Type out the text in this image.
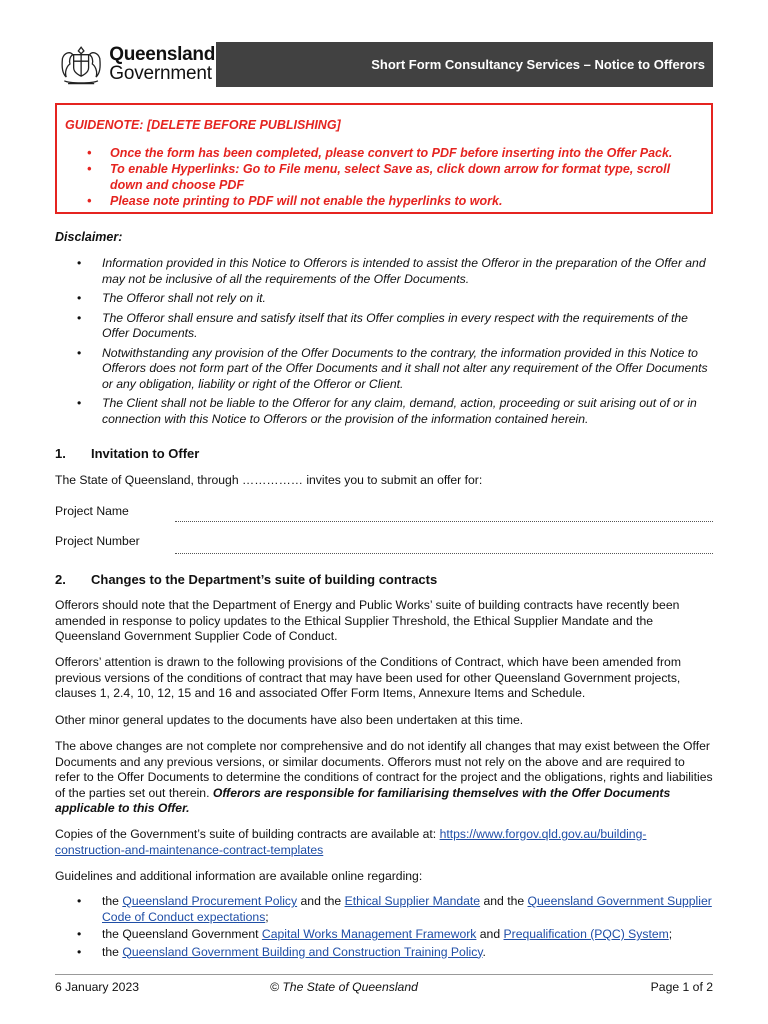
Queensland
Government	Short Form Consultancy Services – Notice to Offerors
GUIDENOTE: [DELETE BEFORE PUBLISHING]
• Once the form has been completed, please convert to PDF before inserting into the Offer Pack.
• To enable Hyperlinks: Go to File menu, select Save as, click down arrow for format type, scroll down and choose PDF
• Please note printing to PDF will not enable the hyperlinks to work.
Disclaimer:
• Information provided in this Notice to Offerors is intended to assist the Offeror in the preparation of the Offer and may not be inclusive of all the requirements of the Offer Documents.
• The Offeror shall not rely on it.
• The Offeror shall ensure and satisfy itself that its Offer complies in every respect with the requirements of the Offer Documents.
• Notwithstanding any provision of the Offer Documents to the contrary, the information provided in this Notice to Offerors does not form part of the Offer Documents and it shall not alter any requirement of the Offer Documents or any obligation, liability or right of the Offeror or Client.
• The Client shall not be liable to the Offeror for any claim, demand, action, proceeding or suit arising out of or in connection with this Notice to Offerors or the provision of the information contained herein.
1. Invitation to Offer
The State of Queensland, through …………… invites you to submit an offer for:
Project Name
Project Number
2. Changes to the Department’s suite of building contracts
Offerors should note that the Department of Energy and Public Works’ suite of building contracts have recently been amended in response to policy updates to the Ethical Supplier Threshold, the Ethical Supplier Mandate and the Queensland Government Supplier Code of Conduct.
Offerors’ attention is drawn to the following provisions of the Conditions of Contract, which have been amended from previous versions of the conditions of contract that may have been used for other Queensland Government projects, clauses 1, 2.4, 10, 12, 15 and 16 and associated Offer Form Items, Annexure Items and Schedule.
Other minor general updates to the documents have also been undertaken at this time.
The above changes are not complete nor comprehensive and do not identify all changes that may exist between the Offer Documents and any previous versions, or similar documents. Offerors must not rely on the above and are required to refer to the Offer Documents to determine the conditions of contract for the project and the obligations, rights and liabilities of the parties set out therein. Offerors are responsible for familiarising themselves with the Offer Documents applicable to this Offer.
Copies of the Government’s suite of building contracts are available at: https://www.forgov.qld.gov.au/building-construction-and-maintenance-contract-templates
Guidelines and additional information are available online regarding:
• the Queensland Procurement Policy and the Ethical Supplier Mandate and the Queensland Government Supplier Code of Conduct expectations;
• the Queensland Government Capital Works Management Framework and Prequalification (PQC) System;
• the Queensland Government Building and Construction Training Policy.
6 January 2023	© The State of Queensland	Page 1 of 2
